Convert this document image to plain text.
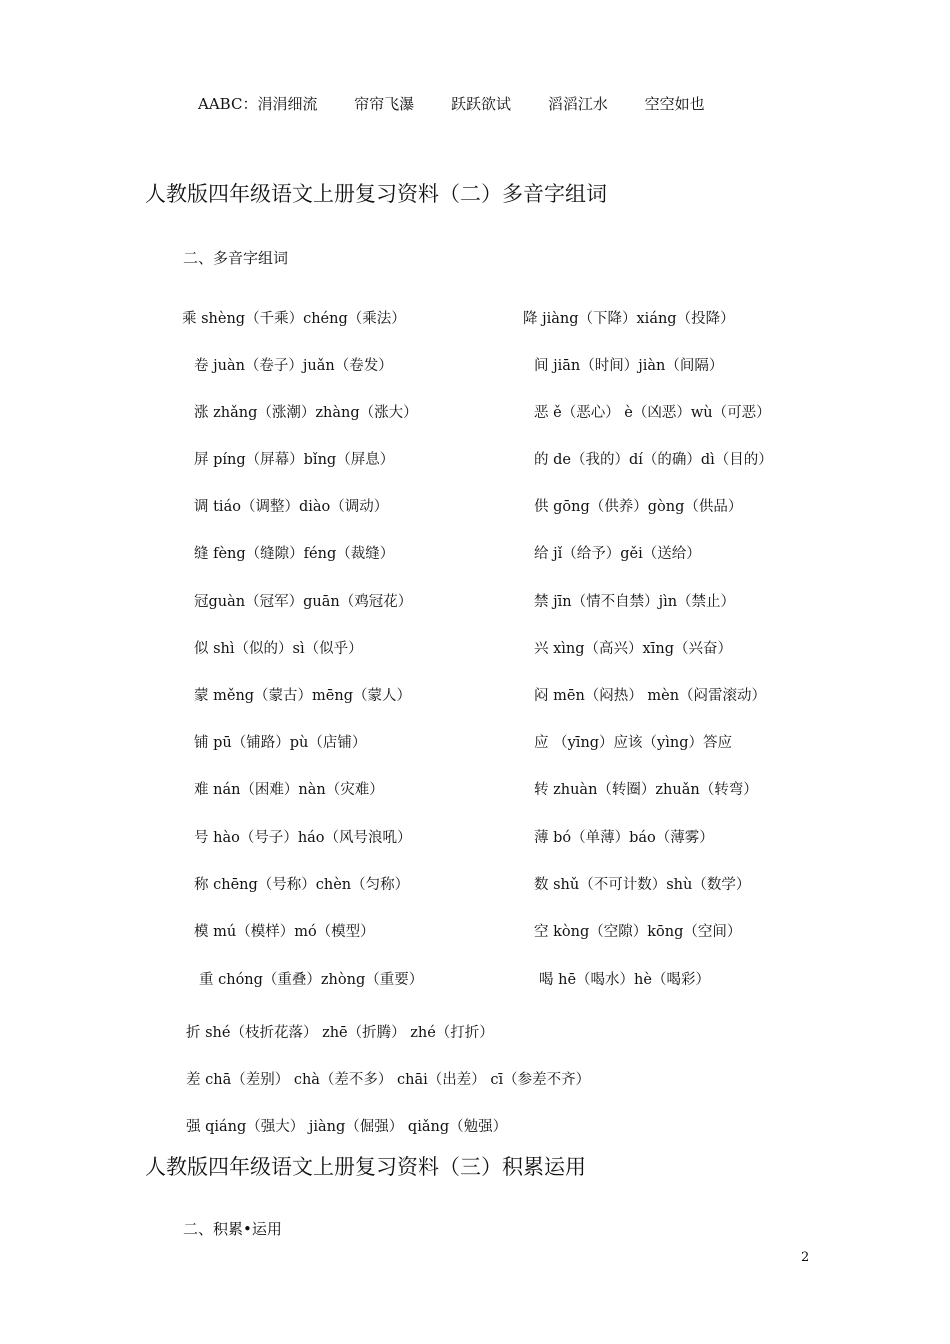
AABC：涓涓细流 帘帘飞瀑 跃跃欲试 滔滔江水 空空如也
人教版四年级语文上册复习资料（二）多音字组词
二、多音字组词
乘 shèng（千乘）chéng（乘法）
卷 juàn（卷子）juǎn（卷发）
涨 zhǎng（涨潮）zhàng（涨大）
屏 píng（屏幕）bǐng（屏息）
调 tiáo（调整）diào（调动）
缝 fèng（缝隙）féng（裁缝）
冠guàn（冠军）guān（鸡冠花）
似 shì（似的）sì（似乎）
蒙 měng（蒙古）mēng（蒙人）
铺 pū（铺路）pù（店铺）
难 nán（困难）nàn（灾难）
号 hào（号子）háo（风号浪吼）
称 chēng（号称）chèn（匀称）
模 mú（模样）mó（模型）
重 chóng（重叠）zhòng（重要）
降 jiàng（下降）xiáng（投降）
间 jiān（时间）jiàn（间隔）
恶 ě（恶心） è（凶恶）wù（可恶）
的 de（我的）dí（的确）dì（目的）
供 gōng（供养）gòng（供品）
给 jǐ（给予）gěi（送给）
禁 jīn（情不自禁）jìn（禁止）
兴 xìng（高兴）xīng（兴奋）
闷 mēn（闷热） mèn（闷雷滚动）
应 （yīng）应该（yìng）答应
转 zhuàn（转圈）zhuǎn（转弯）
薄 bó（单薄）báo（薄雾）
数 shǔ（不可计数）shù（数学）
空 kòng（空隙）kōng（空间）
喝 hē（喝水）hè（喝彩）
折 shé（枝折花落） zhē（折腾） zhé（打折）
差 chā（差别） chà（差不多） chāi（出差） cī（参差不齐）
强 qiáng（强大） jiàng（倔强） qiǎng（勉强）
人教版四年级语文上册复习资料（三）积累运用
二、积累•运用
2
